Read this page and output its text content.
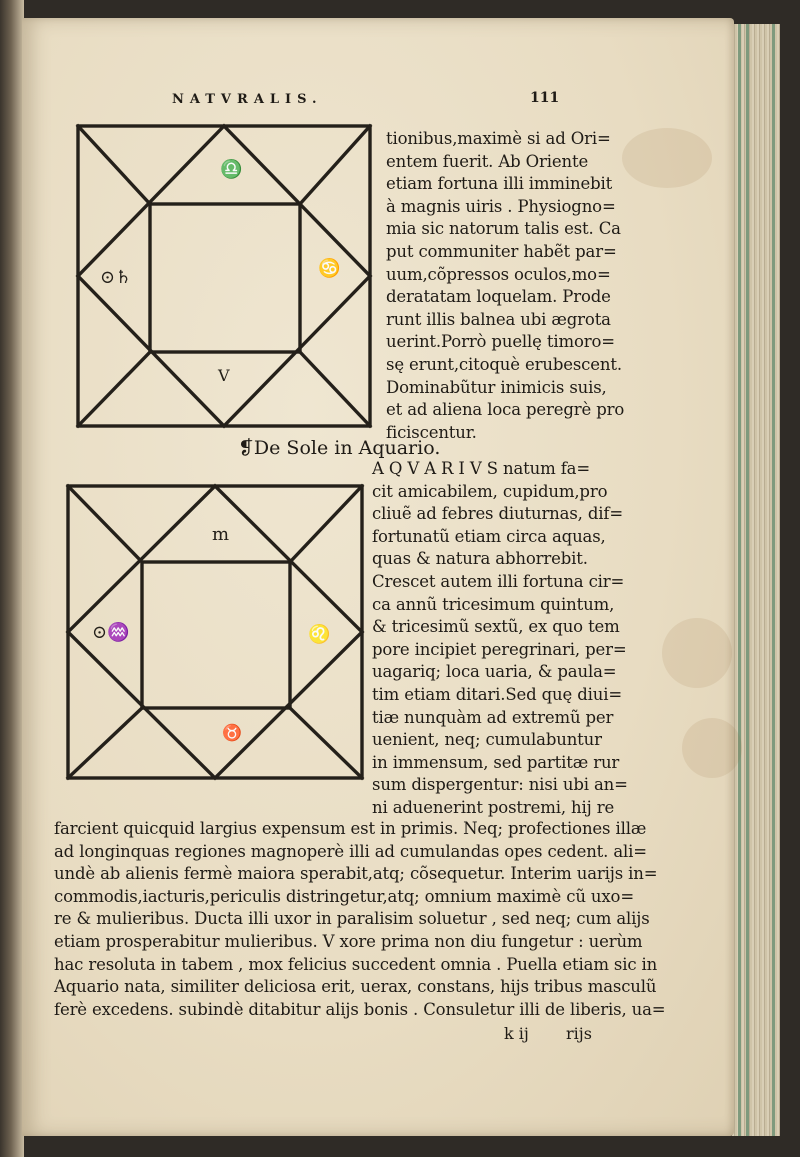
NATVRALIS.	111
♎
⊙♄	♋
V

tionibus,maximè si ad Ori=

entem fuerit. Ab Oriente

etiam fortuna illi imminebit

à magnis uiris . Physiogno=

mia sic natorum talis est. Ca

put communiter habẽt par=

uum,cõpressos oculos,mo=

deratatam loquelam. Prode

runt illis balnea ubi ægrota

uerint.Porrò puellę timoro=

sę erunt,citoquè erubescent.

Dominabũtur inimicis suis,

et ad aliena loca peregrè pro

ficiscentur.

❡De Sole in Aquario.
m
⊙♒	♌
♉

A Q V A R I V S natum fa=

cit amicabilem, cupidum,pro

cliuẽ ad febres diuturnas, dif=

fortunatũ etiam circa aquas,

quas & natura abhorrebit.

Crescet autem illi fortuna cir=

ca annũ tricesimum quintum,

& tricesimũ sextũ, ex quo tem

pore incipiet peregrinari, per=

uagariq; loca uaria, & paula=

tim etiam ditari.Sed quę diui=

tiæ nunquàm ad extremũ per

uenient, neq; cumulabuntur

in immensum, sed partitæ rur

sum dispergentur: nisi ubi an=

ni aduenerint postremi, hij re

farcient quicquid largius expensum est in primis. Neq; profectiones illæ

ad longinquas regiones magnoperè illi ad cumulandas opes cedent. ali=

undè ab alienis fermè maiora sperabit,atq; cõsequetur. Interim uarijs in=

commodis,iacturis,periculis distringetur,atq; omnium maximè cũ uxo=

re & mulieribus. Ducta illi uxor in paralisim soluetur , sed neq; cum alijs

etiam prosperabitur mulieribus. V xore prima non diu fungetur : uerùm

hac resoluta in tabem , mox felicius succedent omnia . Puella etiam sic in

Aquario nata, similiter deliciosa erit, uerax, constans, hijs tribus masculũ

ferè excedens. subindè ditabitur alijs bonis . Consuletur illi de liberis, ua=

k ij rijs
